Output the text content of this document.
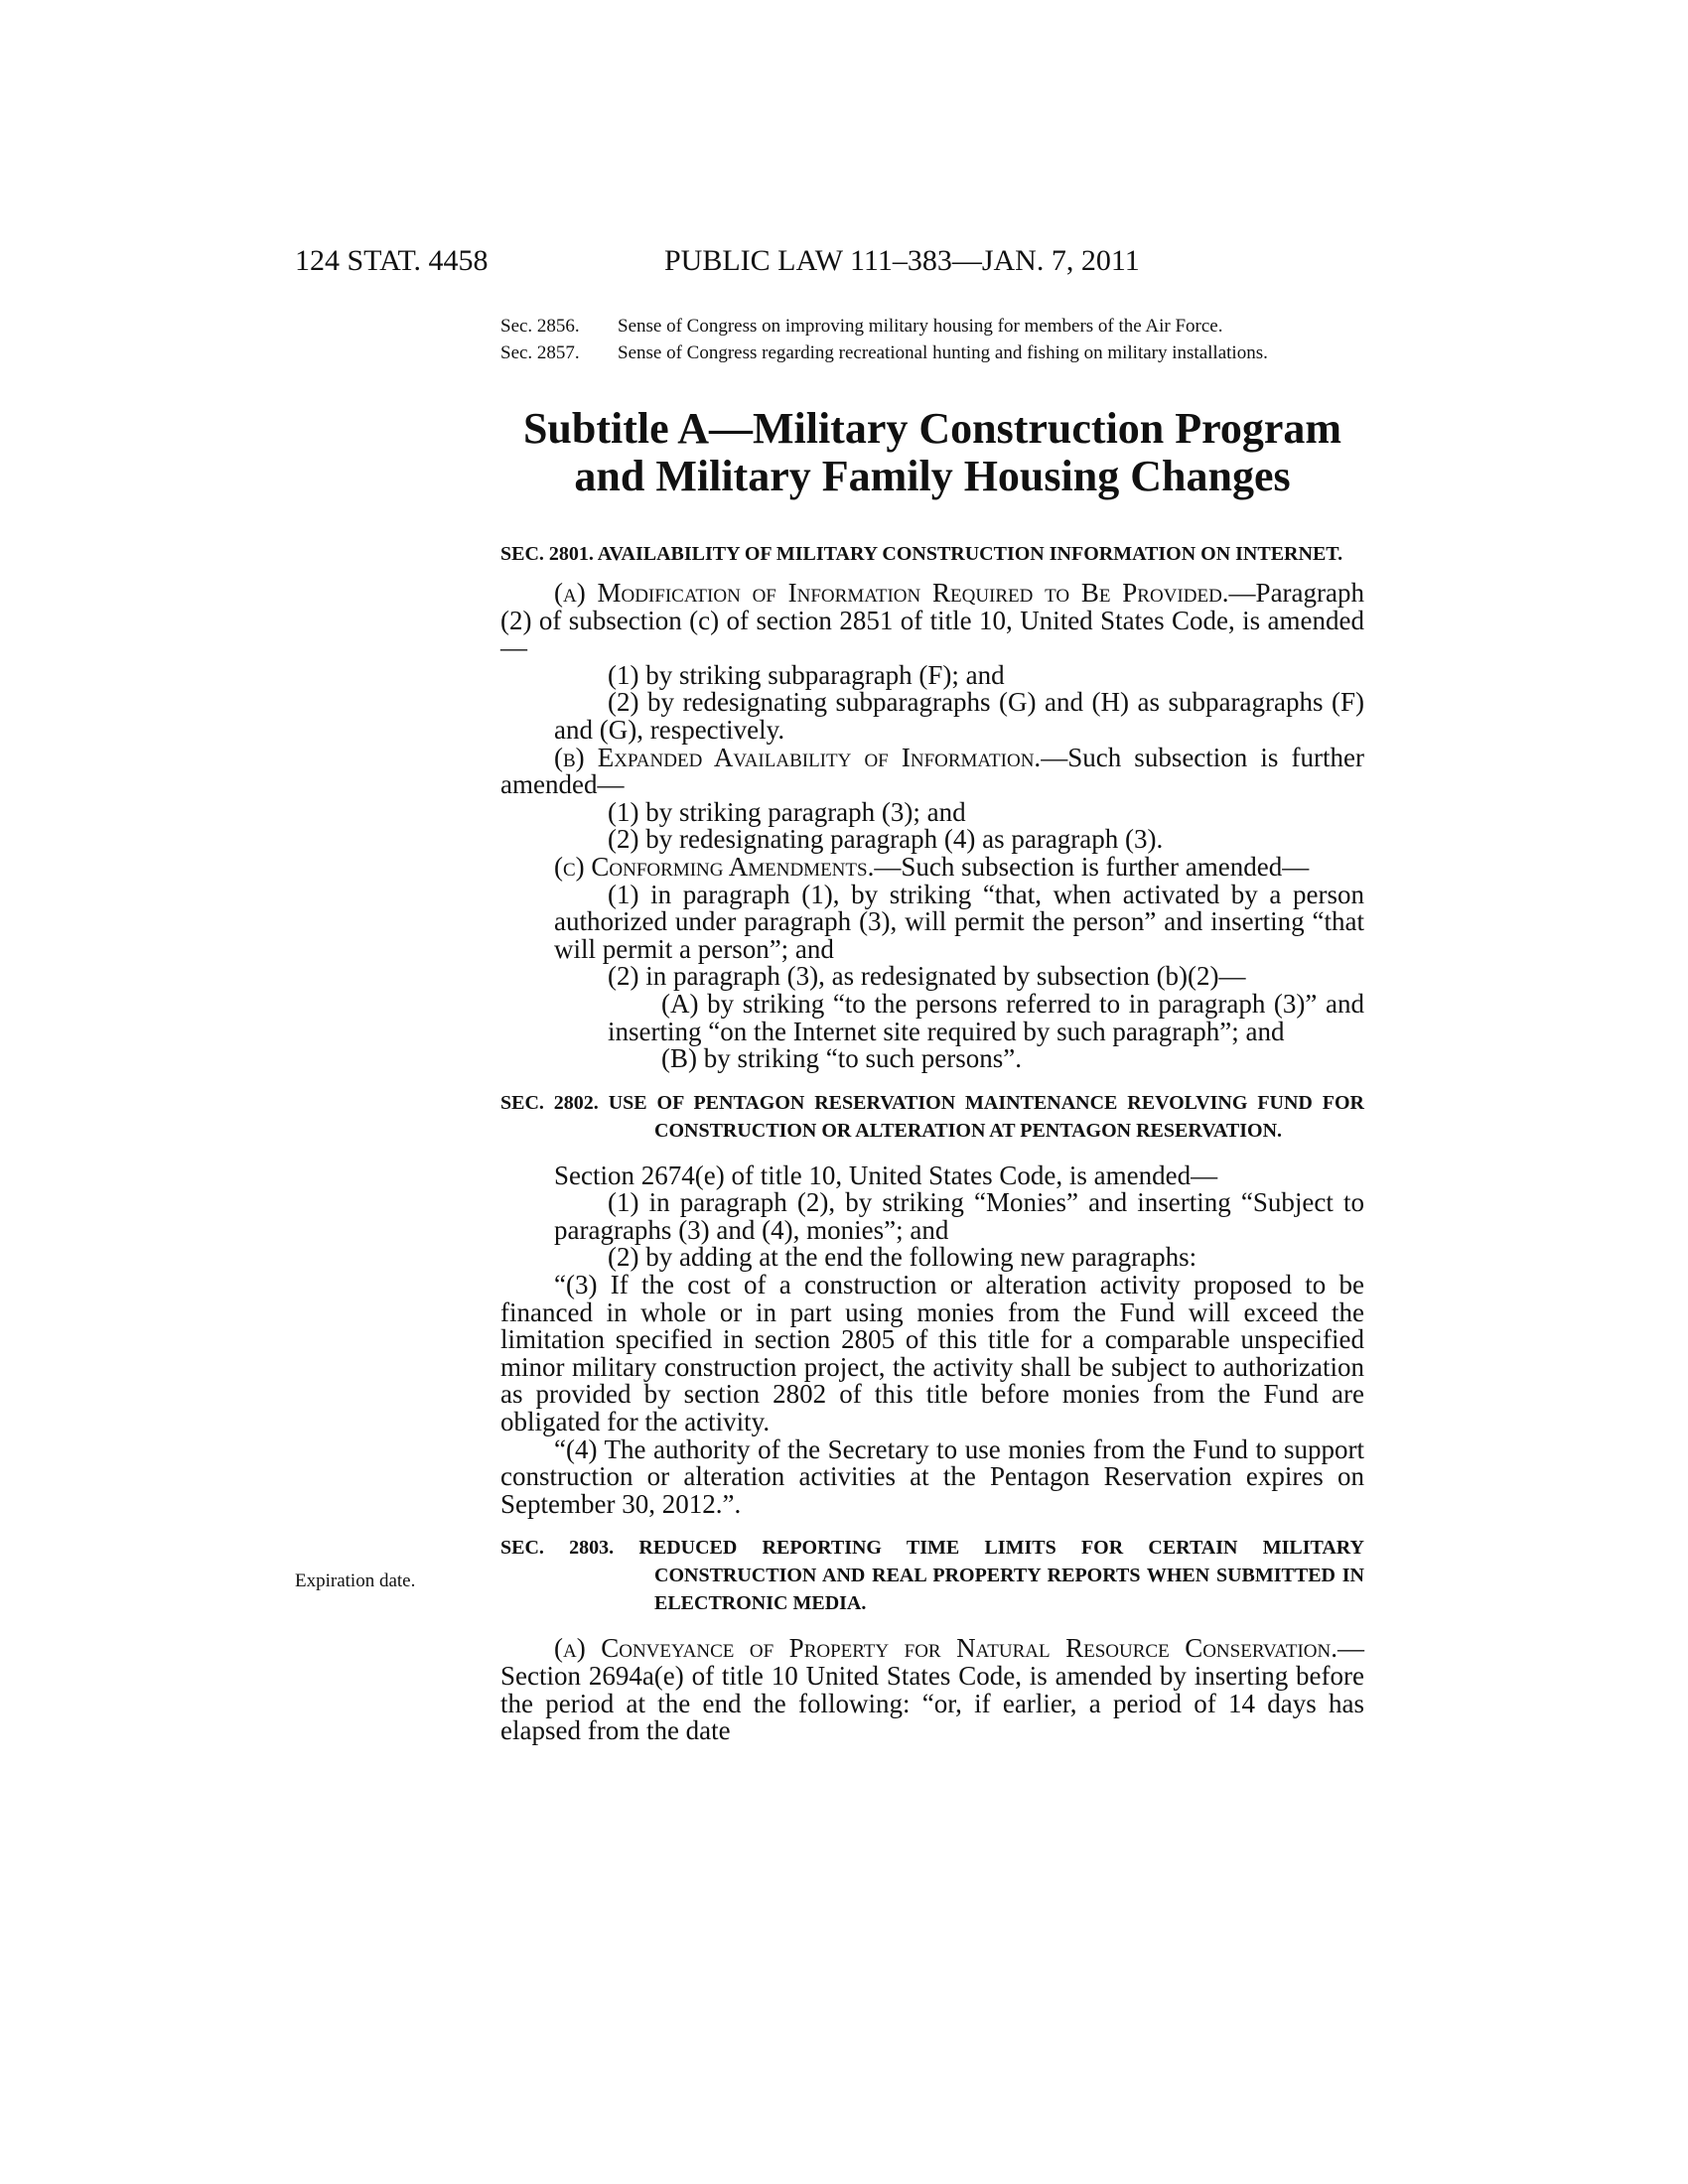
124 STAT. 4458	PUBLIC LAW 111–383—JAN. 7, 2011
Expiration date.
Sec. 2856.	Sense of Congress on improving military housing for members of the Air Force.
Sec. 2857.	Sense of Congress regarding recreational hunting and fishing on military installations.
Subtitle A—Military Construction Program
and Military Family Housing Changes
SEC. 2801. AVAILABILITY OF MILITARY CONSTRUCTION INFORMATION ON INTERNET.

(a) Modification of Information Required to Be Provided.—Paragraph (2) of subsection (c) of section 2851 of title 10, United States Code, is amended—

(1) by striking subparagraph (F); and

(2) by redesignating subparagraphs (G) and (H) as subparagraphs (F) and (G), respectively.

(b) Expanded Availability of Information.—Such subsection is further amended—

(1) by striking paragraph (3); and

(2) by redesignating paragraph (4) as paragraph (3).

(c) Conforming Amendments.—Such subsection is further amended—

(1) in paragraph (1), by striking “that, when activated by a person authorized under paragraph (3), will permit the person” and inserting “that will permit a person”; and

(2) in paragraph (3), as redesignated by subsection (b)(2)—

(A) by striking “to the persons referred to in paragraph (3)” and inserting “on the Internet site required by such paragraph”; and

(B) by striking “to such persons”.

SEC. 2802. USE OF PENTAGON RESERVATION MAINTENANCE REVOLVING FUND FOR CONSTRUCTION OR ALTERATION AT PENTAGON RESERVATION.

Section 2674(e) of title 10, United States Code, is amended—

(1) in paragraph (2), by striking “Monies” and inserting “Subject to paragraphs (3) and (4), monies”; and

(2) by adding at the end the following new paragraphs:

“(3) If the cost of a construction or alteration activity proposed to be financed in whole or in part using monies from the Fund will exceed the limitation specified in section 2805 of this title for a comparable unspecified minor military construction project, the activity shall be subject to authorization as provided by section 2802 of this title before monies from the Fund are obligated for the activity.

“(4) The authority of the Secretary to use monies from the Fund to support construction or alteration activities at the Pentagon Reservation expires on September 30, 2012.”.

SEC. 2803. REDUCED REPORTING TIME LIMITS FOR CERTAIN MILITARY CONSTRUCTION AND REAL PROPERTY REPORTS WHEN SUBMITTED IN ELECTRONIC MEDIA.

(a) Conveyance of Property for Natural Resource Conservation.—Section 2694a(e) of title 10 United States Code, is amended by inserting before the period at the end the following: “or, if earlier, a period of 14 days has elapsed from the date
